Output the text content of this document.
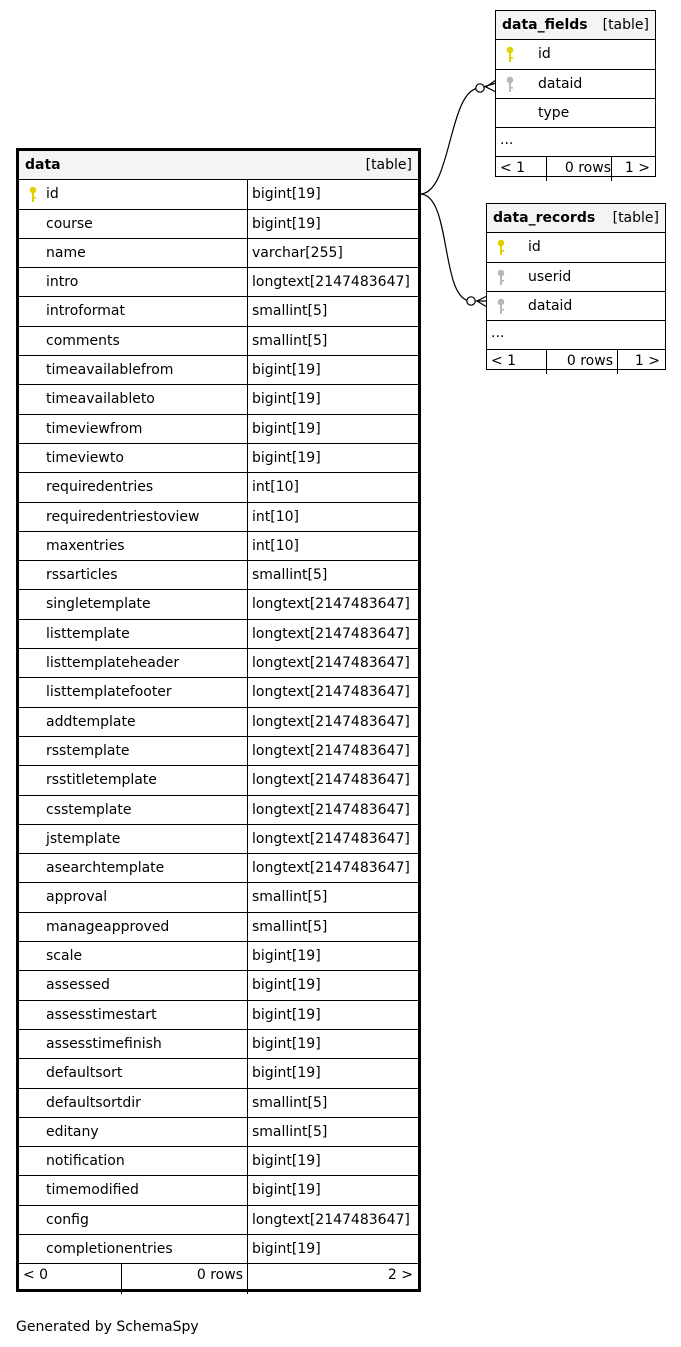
data	[table]
id	bigint[19]
course	bigint[19]
name	varchar[255]
intro	longtext[2147483647]
introformat	smallint[5]
comments	smallint[5]
timeavailablefrom	bigint[19]
timeavailableto	bigint[19]
timeviewfrom	bigint[19]
timeviewto	bigint[19]
requiredentries	int[10]
requiredentriestoview	int[10]
maxentries	int[10]
rssarticles	smallint[5]
singletemplate	longtext[2147483647]
listtemplate	longtext[2147483647]
listtemplateheader	longtext[2147483647]
listtemplatefooter	longtext[2147483647]
addtemplate	longtext[2147483647]
rsstemplate	longtext[2147483647]
rsstitletemplate	longtext[2147483647]
csstemplate	longtext[2147483647]
jstemplate	longtext[2147483647]
asearchtemplate	longtext[2147483647]
approval	smallint[5]
manageapproved	smallint[5]
scale	bigint[19]
assessed	bigint[19]
assesstimestart	bigint[19]
assesstimefinish	bigint[19]
defaultsort	bigint[19]
defaultsortdir	smallint[5]
editany	smallint[5]
notification	bigint[19]
timemodified	bigint[19]
config	longtext[2147483647]
completionentries	bigint[19]
< 0	0 rows	2 >
data_fields [table]
id
dataid
type
...
< 1	0 rows 1 >
data_records [table]
id
userid
dataid
...
< 1	0 rows 1 >
Generated by SchemaSpy
